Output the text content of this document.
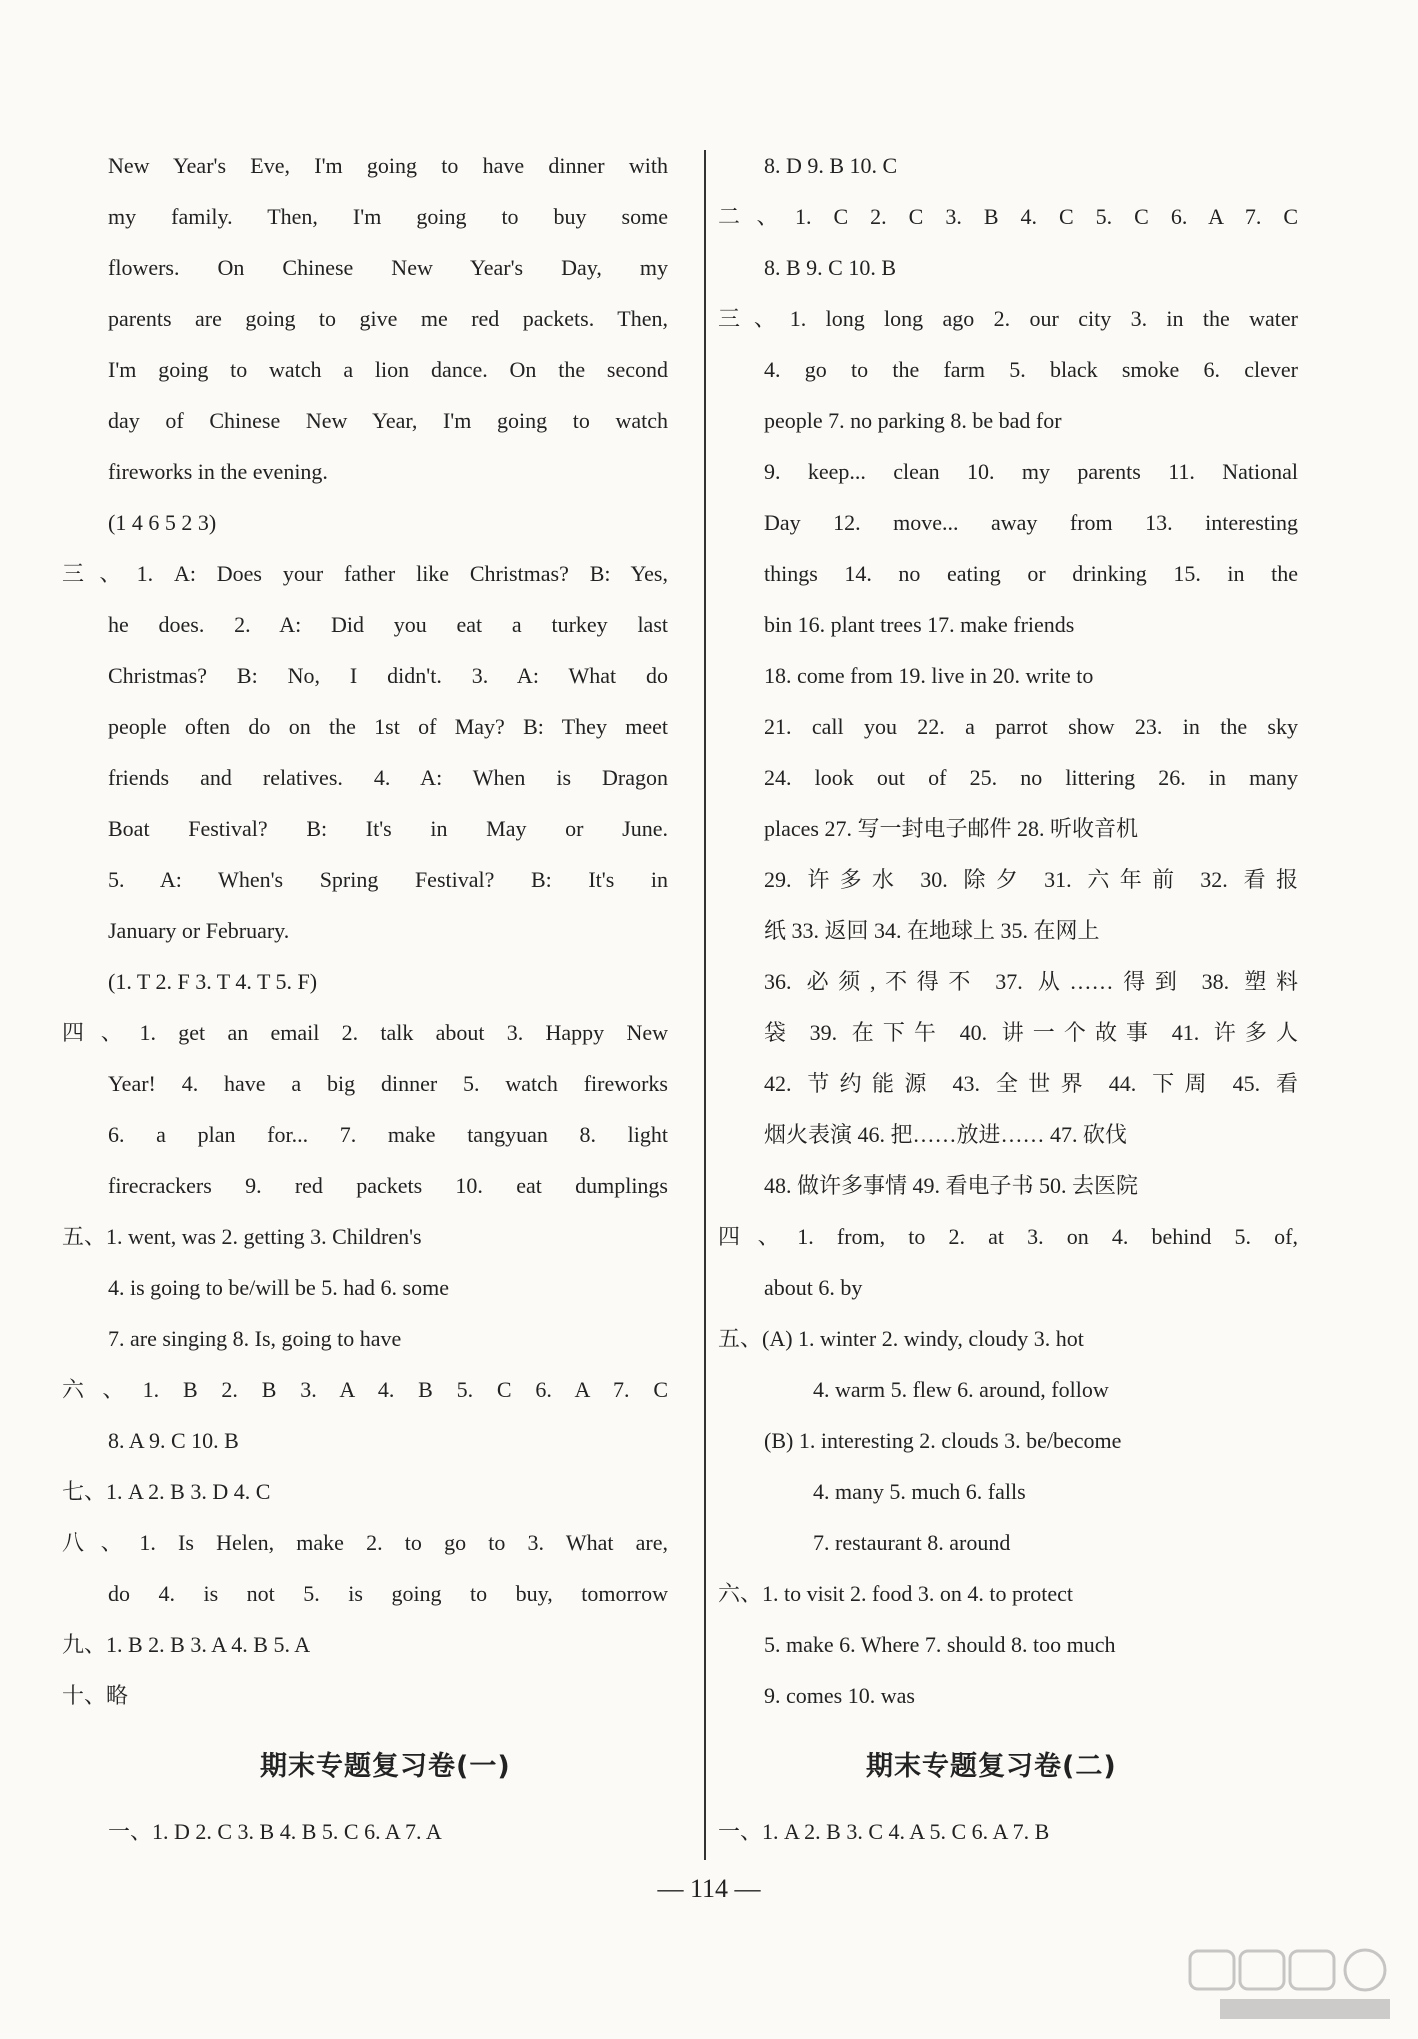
New Year's Eve, I'm going to have dinner with
my family. Then, I'm going to buy some
flowers. On Chinese New Year's Day, my
parents are going to give me red packets. Then,
I'm going to watch a lion dance. On the second
day of Chinese New Year, I'm going to watch
fireworks in the evening.
(1 4 6 5 2 3)
三、1. A: Does your father like Christmas? B: Yes,
he does. 2. A: Did you eat a turkey last
Christmas? B: No, I didn't. 3. A: What do
people often do on the 1st of May? B: They meet
friends and relatives. 4. A: When is Dragon
Boat Festival? B: It's in May or June.
5. A: When's Spring Festival? B: It's in
January or February.
(1. T 2. F 3. T 4. T 5. F)
四、1. get an email 2. talk about 3. Happy New
Year! 4. have a big dinner 5. watch fireworks
6. a plan for... 7. make tangyuan 8. light
firecrackers 9. red packets 10. eat dumplings
五、1. went, was 2. getting 3. Children's
4. is going to be/will be 5. had 6. some
7. are singing 8. Is, going to have
六、1. B 2. B 3. A 4. B 5. C 6. A 7. C
8. A 9. C 10. B
七、1. A 2. B 3. D 4. C
八、1. Is Helen, make 2. to go to 3. What are,
do 4. is not 5. is going to buy, tomorrow
九、1. B 2. B 3. A 4. B 5. A
十、略
8. D 9. B 10. C
二、1. C 2. C 3. B 4. C 5. C 6. A 7. C
8. B 9. C 10. B
三、1. long long ago 2. our city 3. in the water
4. go to the farm 5. black smoke 6. clever
people 7. no parking 8. be bad for
9. keep... clean 10. my parents 11. National
Day 12. move... away from 13. interesting
things 14. no eating or drinking 15. in the
bin 16. plant trees 17. make friends
18. come from 19. live in 20. write to
21. call you 22. a parrot show 23. in the sky
24. look out of 25. no littering 26. in many
places 27. 写一封电子邮件 28. 听收音机
29. 许多水 30. 除夕 31. 六年前 32. 看报
纸 33. 返回 34. 在地球上 35. 在网上
36. 必须,不得不 37. 从……得到 38. 塑料
袋 39. 在下午 40. 讲一个故事 41. 许多人
42. 节约能源 43. 全世界 44. 下周 45. 看
烟火表演 46. 把……放进…… 47. 砍伐
48. 做许多事情 49. 看电子书 50. 去医院
四、1. from, to 2. at 3. on 4. behind 5. of,
about 6. by
五、(A) 1. winter 2. windy, cloudy 3. hot
4. warm 5. flew 6. around, follow
(B) 1. interesting 2. clouds 3. be/become
4. many 5. much 6. falls
7. restaurant 8. around
六、1. to visit 2. food 3. on 4. to protect
5. make 6. Where 7. should 8. too much
9. comes 10. was
期末专题复习卷(一)	期末专题复习卷(二)
一、1. D 2. C 3. B 4. B 5. C 6. A 7. A	一、1. A 2. B 3. C 4. A 5. C 6. A 7. B
— 114 —
